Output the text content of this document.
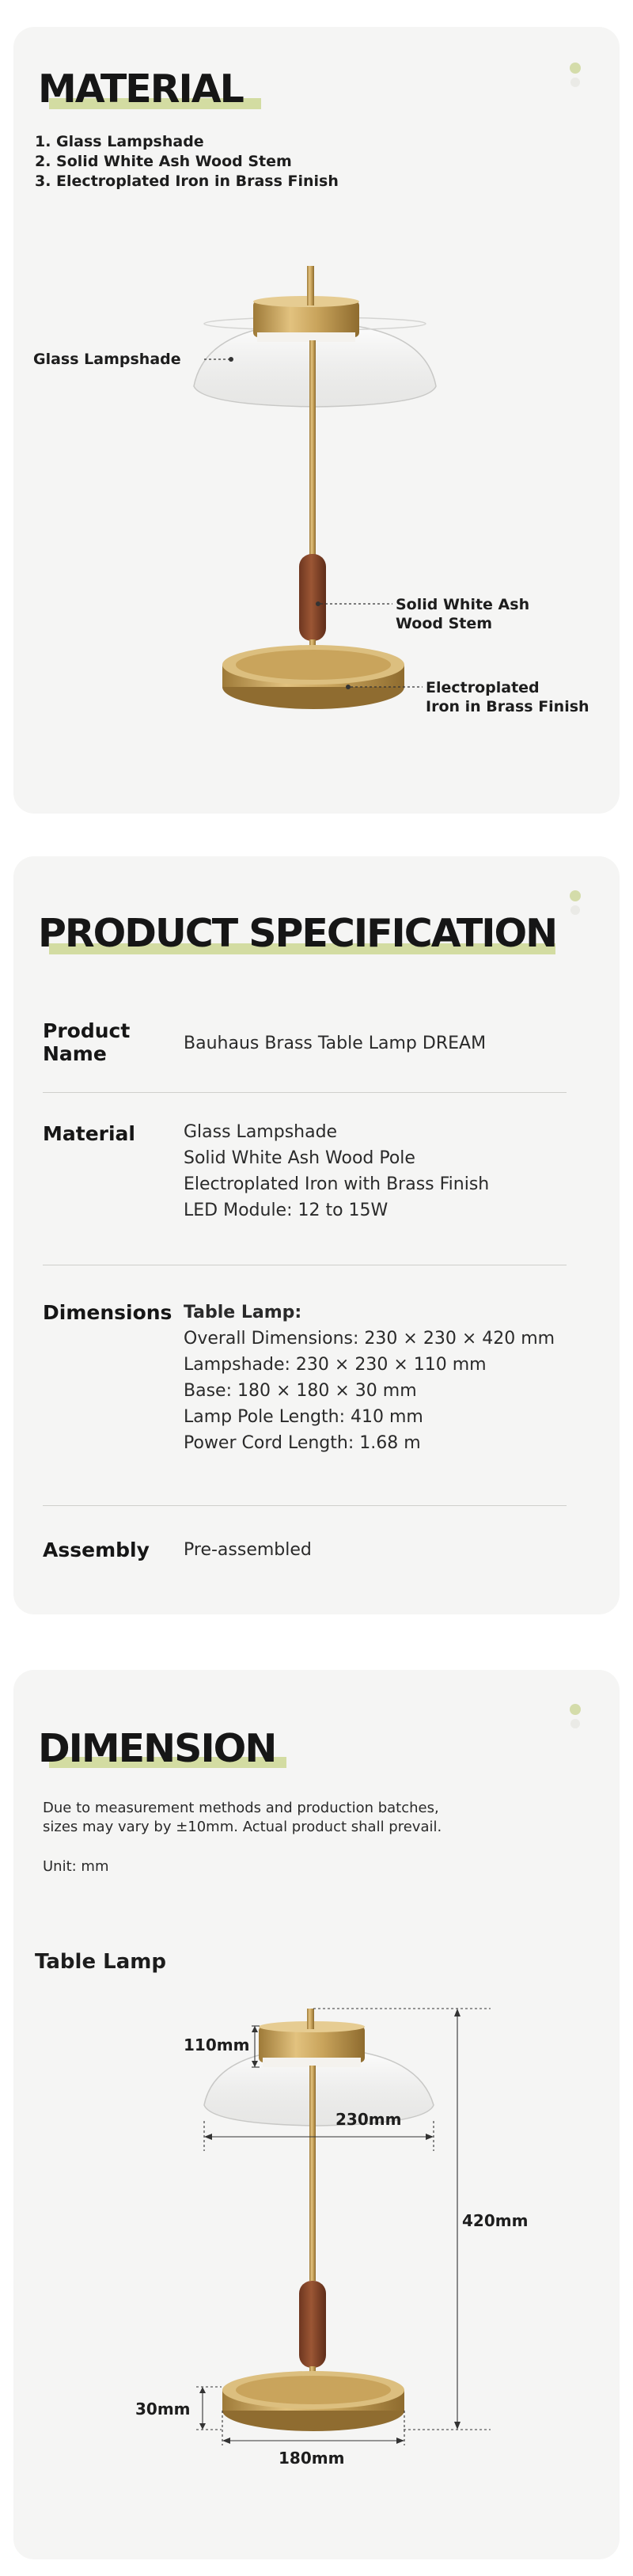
MATERIAL
1. Glass Lampshade
2. Solid White Ash Wood Stem
3. Electroplated Iron in Brass Finish
Glass Lampshade
Solid White Ash
Wood Stem
Electroplated
Iron in Brass Finish
PRODUCT SPECIFICATION
Product
Name	Bauhaus Brass Table Lamp DREAM
Material	Glass Lampshade
Solid White Ash Wood Pole
Electroplated Iron with Brass Finish
LED Module: 12 to 15W
Dimensions Table Lamp:
Overall Dimensions: 230 × 230 × 420 mm
Lampshade: 230 × 230 × 110 mm
Base: 180 × 180 × 30 mm
Lamp Pole Length: 410 mm
Power Cord Length: 1.68 m
Assembly Pre-assembled
DIMENSION
Due to measurement methods and production batches,
sizes may vary by ±10mm. Actual product shall prevail.
Unit: mm
Table Lamp
110mm
230mm
420mm
30mm
180mm
